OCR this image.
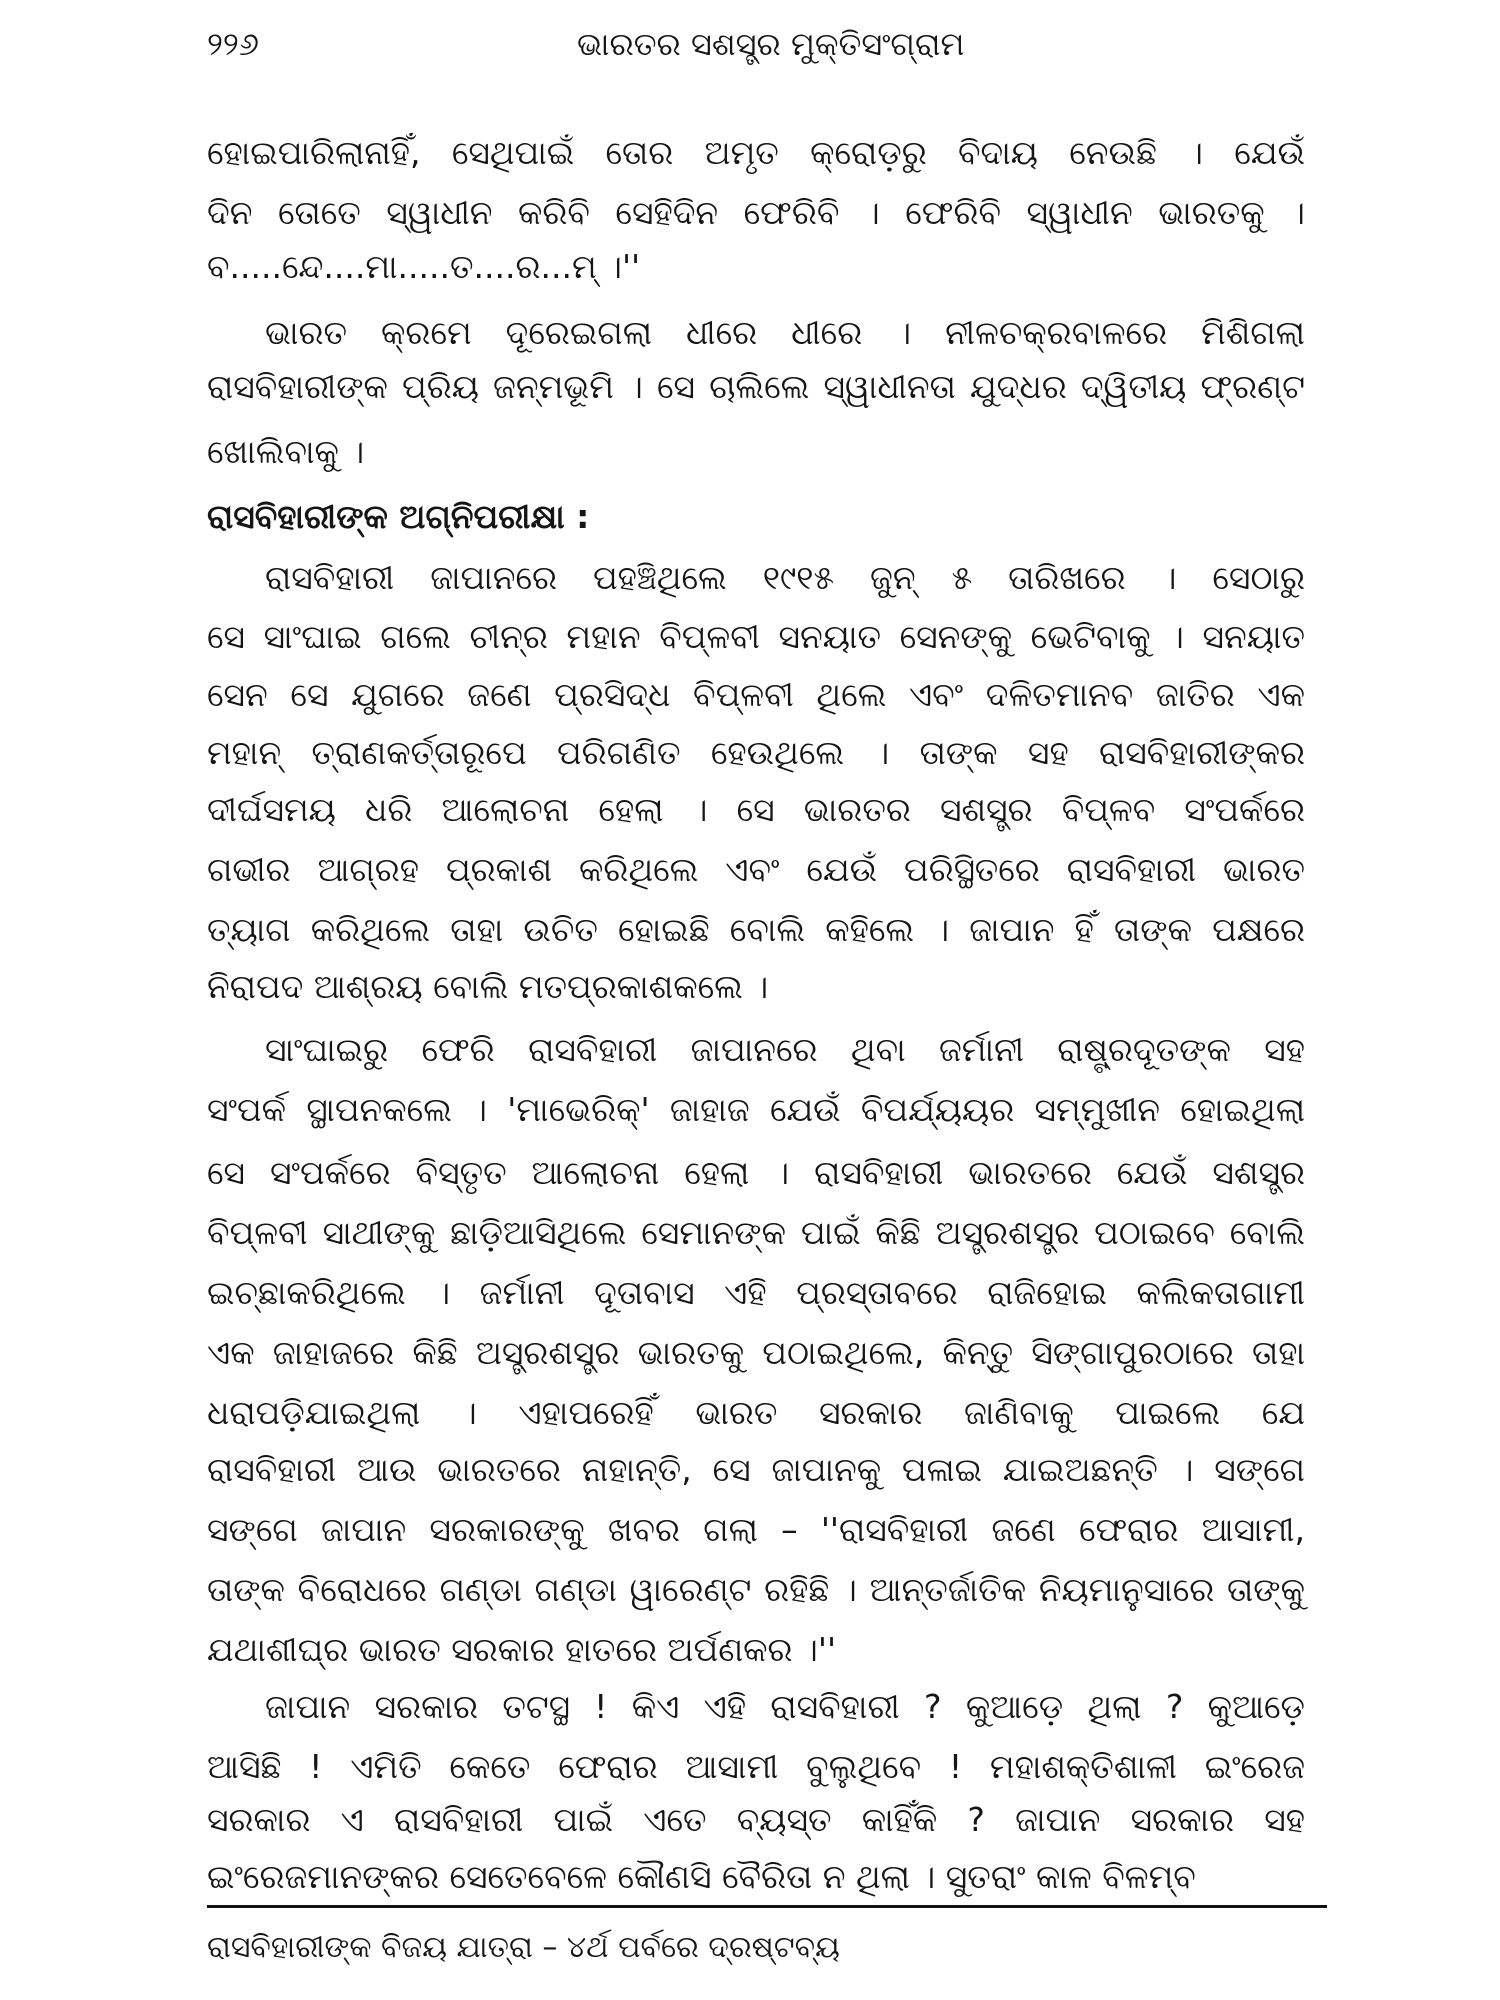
୨୨୬	ଭାରତର ସଶସ୍ତ୍ର ମୁକ୍ତିସଂଗ୍ରାମ
ହୋଇପାରିଲାନାହିଁ, ସେଥିପାଇଁ ତୋର ଅମୃତ କ୍ରୋଡ଼ରୁ ବିଦାୟ ନେଉଛି । ଯେଉଁ
ଦିନ ତୋତେ ସ୍ୱାଧୀନ କରିବି ସେହିଦିନ ଫେରିବି । ଫେରିବି ସ୍ୱାଧୀନ ଭାରତକୁ ।
ବ.....ନ୍ଦେ....ମା.....ତ....ର...ମ୍ ।''
ଭାରତ କ୍ରମେ ଦୂରେଇଗଲା ଧୀରେ ଧୀରେ । ନୀଳଚକ୍ରବାଳରେ ମିଶିଗଲା
ରାସବିହାରୀଙ୍କ ପ୍ରିୟ ଜନ୍ମଭୂମି । ସେ ଚାଲିଲେ ସ୍ୱାଧୀନତା ଯୁଦ୍ଧର ଦ୍ୱିତୀୟ ଫ୍ରଣ୍ଟ
ଖୋଲିବାକୁ ।
ରାସବିହାରୀଙ୍କ ଅଗ୍ନିପରୀକ୍ଷା :
ରାସବିହାରୀ ଜାପାନରେ ପହଞ୍ଚିଥିଲେ ୧୯୧୫ ଜୁନ୍ ୫ ତାରିଖରେ । ସେଠାରୁ
ସେ ସାଂଘାଇ ଗଲେ ଚୀନ୍‌ର ମହାନ ବିପ୍ଳବୀ ସନୟାତ ସେନଙ୍କୁ ଭେଟିବାକୁ । ସନୟାତ
ସେନ ସେ ଯୁଗରେ ଜଣେ ପ୍ରସିଦ୍ଧ ବିପ୍ଳବୀ ଥିଲେ ଏବଂ ଦଳିତମାନବ ଜାତିର ଏକ
ମହାନ୍ ତ୍ରାଣକର୍ତ୍ତାରୂପେ ପରିଗଣିତ ହେଉଥିଲେ । ତାଙ୍କ ସହ ରାସବିହାରୀଙ୍କର
ଦୀର୍ଘସମୟ ଧରି ଆଲୋଚନା ହେଲା । ସେ ଭାରତର ସଶସ୍ତ୍ର ବିପ୍ଳବ ସଂପର୍କରେ
ଗଭୀର ଆଗ୍ରହ ପ୍ରକାଶ କରିଥିଲେ ଏବଂ ଯେଉଁ ପରିସ୍ଥିତରେ ରାସବିହାରୀ ଭାରତ
ତ୍ୟାଗ କରିଥିଲେ ତାହା ଉଚିତ ହୋଇଛି ବୋଲି କହିଲେ । ଜାପାନ ହିଁ ତାଙ୍କ ପକ୍ଷରେ
ନିରାପଦ ଆଶ୍ରୟ ବୋଲି ମତପ୍ରକାଶକଲେ ।
ସାଂଘାଇରୁ ଫେରି ରାସବିହାରୀ ଜାପାନରେ ଥିବା ଜର୍ମାନୀ ରାଷ୍ଟ୍ରଦୂତଙ୍କ ସହ
ସଂପର୍କ ସ୍ଥାପନକଲେ । 'ମାଭେରିକ୍' ଜାହାଜ ଯେଉଁ ବିପର୍ଯ୍ୟୟର ସମ୍ମୁଖୀନ ହୋଇଥିଲା
ସେ ସଂପର୍କରେ ବିସ୍ତୃତ ଆଲୋଚନା ହେଲା । ରାସବିହାରୀ ଭାରତରେ ଯେଉଁ ସଶସ୍ତ୍ର
ବିପ୍ଳବୀ ସାଥୀଙ୍କୁ ଛାଡ଼ିଆସିଥିଲେ ସେମାନଙ୍କ ପାଇଁ କିଛି ଅସ୍ତ୍ରଶସ୍ତ୍ର ପଠାଇବେ ବୋଲି
ଇଚ୍ଛାକରିଥିଲେ । ଜର୍ମାନୀ ଦୂତାବାସ ଏହି ପ୍ରସ୍ତାବରେ ରାଜିହୋଇ କଲିକତାଗାମୀ
ଏକ ଜାହାଜରେ କିଛି ଅସ୍ତ୍ରଶସ୍ତ୍ର ଭାରତକୁ ପଠାଇଥିଲେ, କିନ୍ତୁ ସିଙ୍ଗାପୁରଠାରେ ତାହା
ଧରାପଡ଼ିଯାଇଥିଲା । ଏହାପରେହିଁ ଭାରତ ସରକାର ଜାଣିବାକୁ ପାଇଲେ ଯେ
ରାସବିହାରୀ ଆଉ ଭାରତରେ ନାହାନ୍ତି, ସେ ଜାପାନକୁ ପଳାଇ ଯାଇଅଛନ୍ତି । ସଙ୍ଗେ
ସଙ୍ଗେ ଜାପାନ ସରକାରଙ୍କୁ ଖବର ଗଲା – ''ରାସବିହାରୀ ଜଣେ ଫେରାର ଆସାମୀ,
ତାଙ୍କ ବିରୋଧରେ ଗଣ୍ଡା ଗଣ୍ଡା ୱାରେଣ୍ଟ ରହିଛି । ଆନ୍ତର୍ଜାତିକ ନିୟମାନୁସାରେ ତାଙ୍କୁ
ଯଥାଶୀଘ୍ର ଭାରତ ସରକାର ହାତରେ ଅର୍ପଣକର ।''
ଜାପାନ ସରକାର ତଟସ୍ଥ ! କିଏ ଏହି ରାସବିହାରୀ ? କୁଆଡ଼େ ଥିଲା ? କୁଆଡ଼େ
ଆସିଛି ! ଏମିତି କେତେ ଫେରାର ଆସାମୀ ବୁଲୁଥିବେ ! ମହାଶକ୍ତିଶାଳୀ ଇଂରେଜ
ସରକାର ଏ ରାସବିହାରୀ ପାଇଁ ଏତେ ବ୍ୟସ୍ତ କାହିଁକି ? ଜାପାନ ସରକାର ସହ
ଇଂରେଜମାନଙ୍କର ସେତେବେଳେ କୌଣସି ବୈରିତା ନ ଥିଲା । ସୁତରାଂ କାଳ ବିଳମ୍ବ
ରାସବିହାରୀଙ୍କ ବିଜୟ ଯାତ୍ରା – ୪ର୍ଥ ପର୍ବରେ ଦ୍ରଷ୍ଟବ୍ୟ
